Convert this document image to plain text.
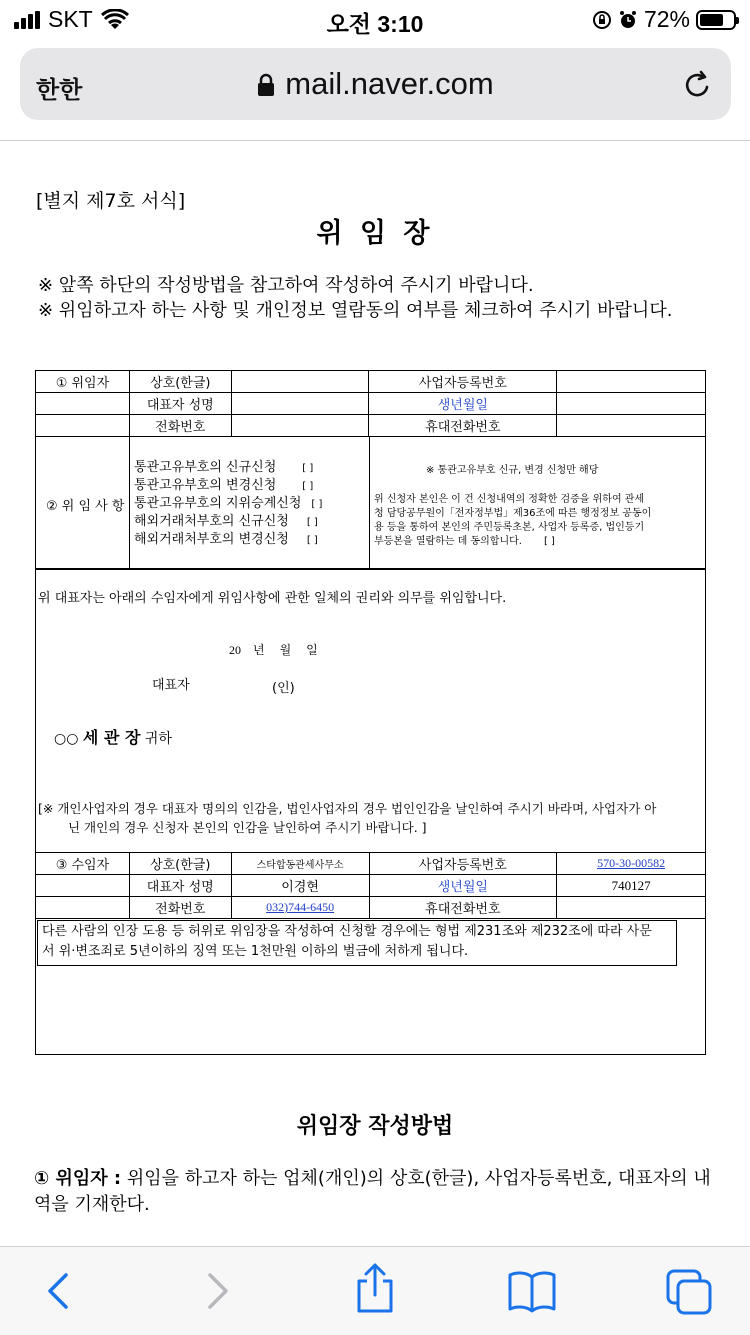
SKT	오전 3:10	72%
한한	mail.naver.com
[별지 제7호 서식]
위 임 장
※ 앞쪽 하단의 작성방법을 참고하여 작성하여 주시기 바랍니다.
※ 위임하고자 하는 사항 및 개인정보 열람동의 여부를 체크하여 주시기 바랍니다.
① 위임자	상호(한글)		사업자등록번호	
	대표자 성명		생년월일	
	전화번호		휴대전화번호	
② 위 임 사 항
통관고유부호의 신규신청	[ ]
통관고유부호의 변경신청	[ ]
통관고유부호의 지위승계신청 [ ]
해외거래처부호의 신규신청 [ ]
해외거래처부호의 변경신청 [ ]
※ 통관고유부호 신규, 변경 신청만 해당
위 신청자 본인은 이 건 신청내역의 정확한 검증을 위하여 관세
청 담당공무원이「전자정부법」제36조에 따른 행정정보 공동이
용 등을 통하여 본인의 주민등록초본, 사업자 등록증, 법인등기
부등본을 열람하는 데 동의합니다. [ ]
위 대표자는 아래의 수임자에게 위임사항에 관한 일체의 권리와 의무를 위임합니다.
20    년     월     일
대표자	(인)
○○ 세 관 장 귀하
[※ 개인사업자의 경우 대표자 명의의 인감을, 법인사업자의 경우 법인인감을 날인하여 주시기 바라며, 사업자가 아
닌 개인의 경우 신청자 본인의 인감을 날인하여 주시기 바랍니다. ]
③ 수임자	상호(한글)	스타합동관세사무소	사업자등록번호	570-30-00582
	대표자 성명	이경현	생년월일	740127
	전화번호	032)744-6450	휴대전화번호	
다른 사람의 인장 도용 등 허위로 위임장을 작성하여 신청할 경우에는 형법 제231조와 제232조에 따라 사문
서 위·변조죄로 5년이하의 징역 또는 1천만원 이하의 벌금에 처하게 됩니다.
위임장 작성방법
① 위임자 : 위임을 하고자 하는 업체(개인)의 상호(한글), 사업자등록번호, 대표자의 내역을 기재한다.
